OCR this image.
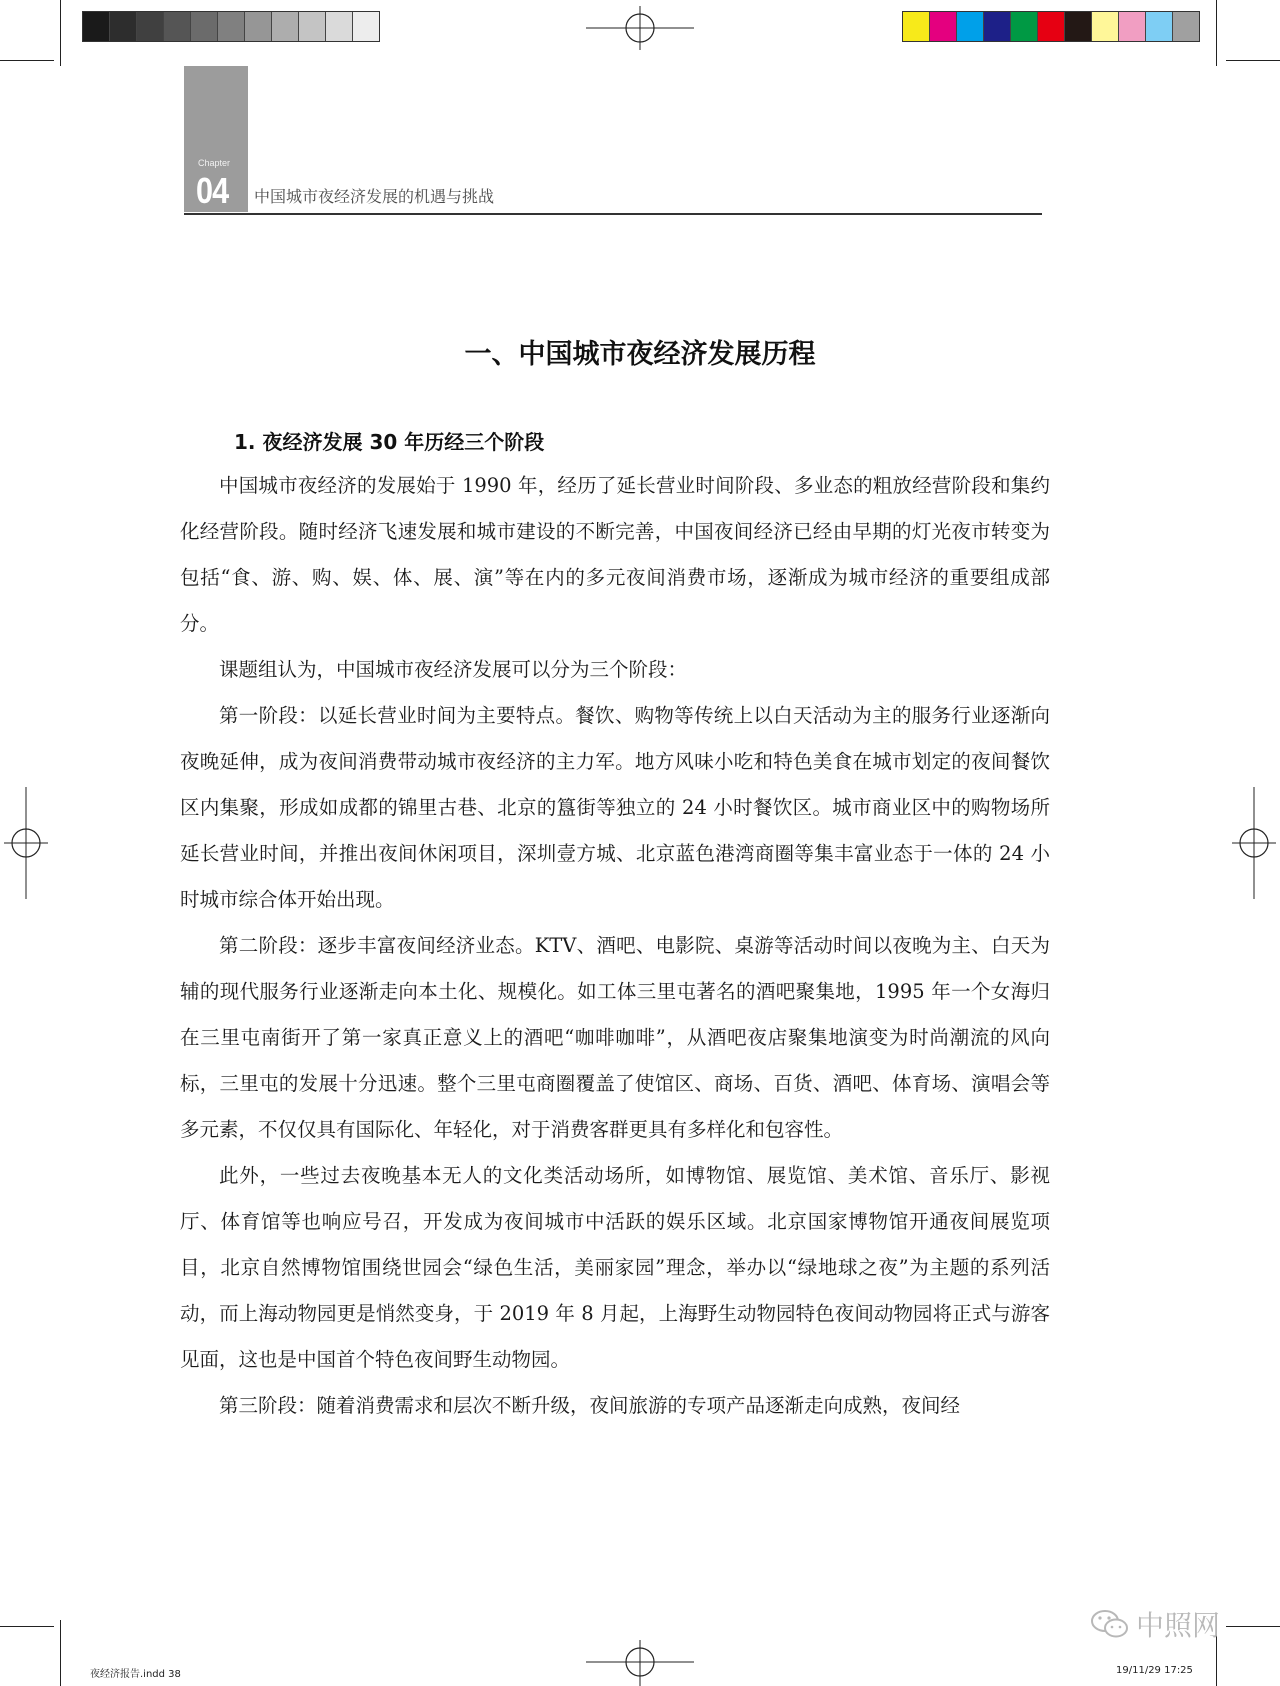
Chapter
04 中国城市夜经济发展的机遇与挑战
一、中国城市夜经济发展历程
1. 夜经济发展 30 年历经三个阶段

中国城市夜经济的发展始于 1990 年，经历了延长营业时间阶段、多业态的粗放经营阶段和集约化经营阶段。随时经济飞速发展和城市建设的不断完善，中国夜间经济已经由早期的灯光夜市转变为包括“食、游、购、娱、体、展、演”等在内的多元夜间消费市场，逐渐成为城市经济的重要组成部分。

课题组认为，中国城市夜经济发展可以分为三个阶段：

第一阶段：以延长营业时间为主要特点。餐饮、购物等传统上以白天活动为主的服务行业逐渐向夜晚延伸，成为夜间消费带动城市夜经济的主力军。地方风味小吃和特色美食在城市划定的夜间餐饮区内集聚，形成如成都的锦里古巷、北京的簋街等独立的 24 小时餐饮区。城市商业区中的购物场所延长营业时间，并推出夜间休闲项目，深圳壹方城、北京蓝色港湾商圈等集丰富业态于一体的 24 小时城市综合体开始出现。

第二阶段：逐步丰富夜间经济业态。KTV、酒吧、电影院、桌游等活动时间以夜晚为主、白天为辅的现代服务行业逐渐走向本土化、规模化。如工体三里屯著名的酒吧聚集地，1995 年一个女海归在三里屯南街开了第一家真正意义上的酒吧“咖啡咖啡”，从酒吧夜店聚集地演变为时尚潮流的风向标，三里屯的发展十分迅速。整个三里屯商圈覆盖了使馆区、商场、百货、酒吧、体育场、演唱会等多元素，不仅仅具有国际化、年轻化，对于消费客群更具有多样化和包容性。

此外，一些过去夜晚基本无人的文化类活动场所，如博物馆、展览馆、美术馆、音乐厅、影视厅、体育馆等也响应号召，开发成为夜间城市中活跃的娱乐区域。北京国家博物馆开通夜间展览项目，北京自然博物馆围绕世园会“绿色生活，美丽家园”理念，举办以“绿地球之夜”为主题的系列活动，而上海动物园更是悄然变身，于 2019 年 8 月起，上海野生动物园特色夜间动物园将正式与游客见面，这也是中国首个特色夜间野生动物园。

第三阶段：随着消费需求和层次不断升级，夜间旅游的专项产品逐渐走向成熟，夜间经

夜经济报告.indd 38	19/11/29 17:25
中照网
